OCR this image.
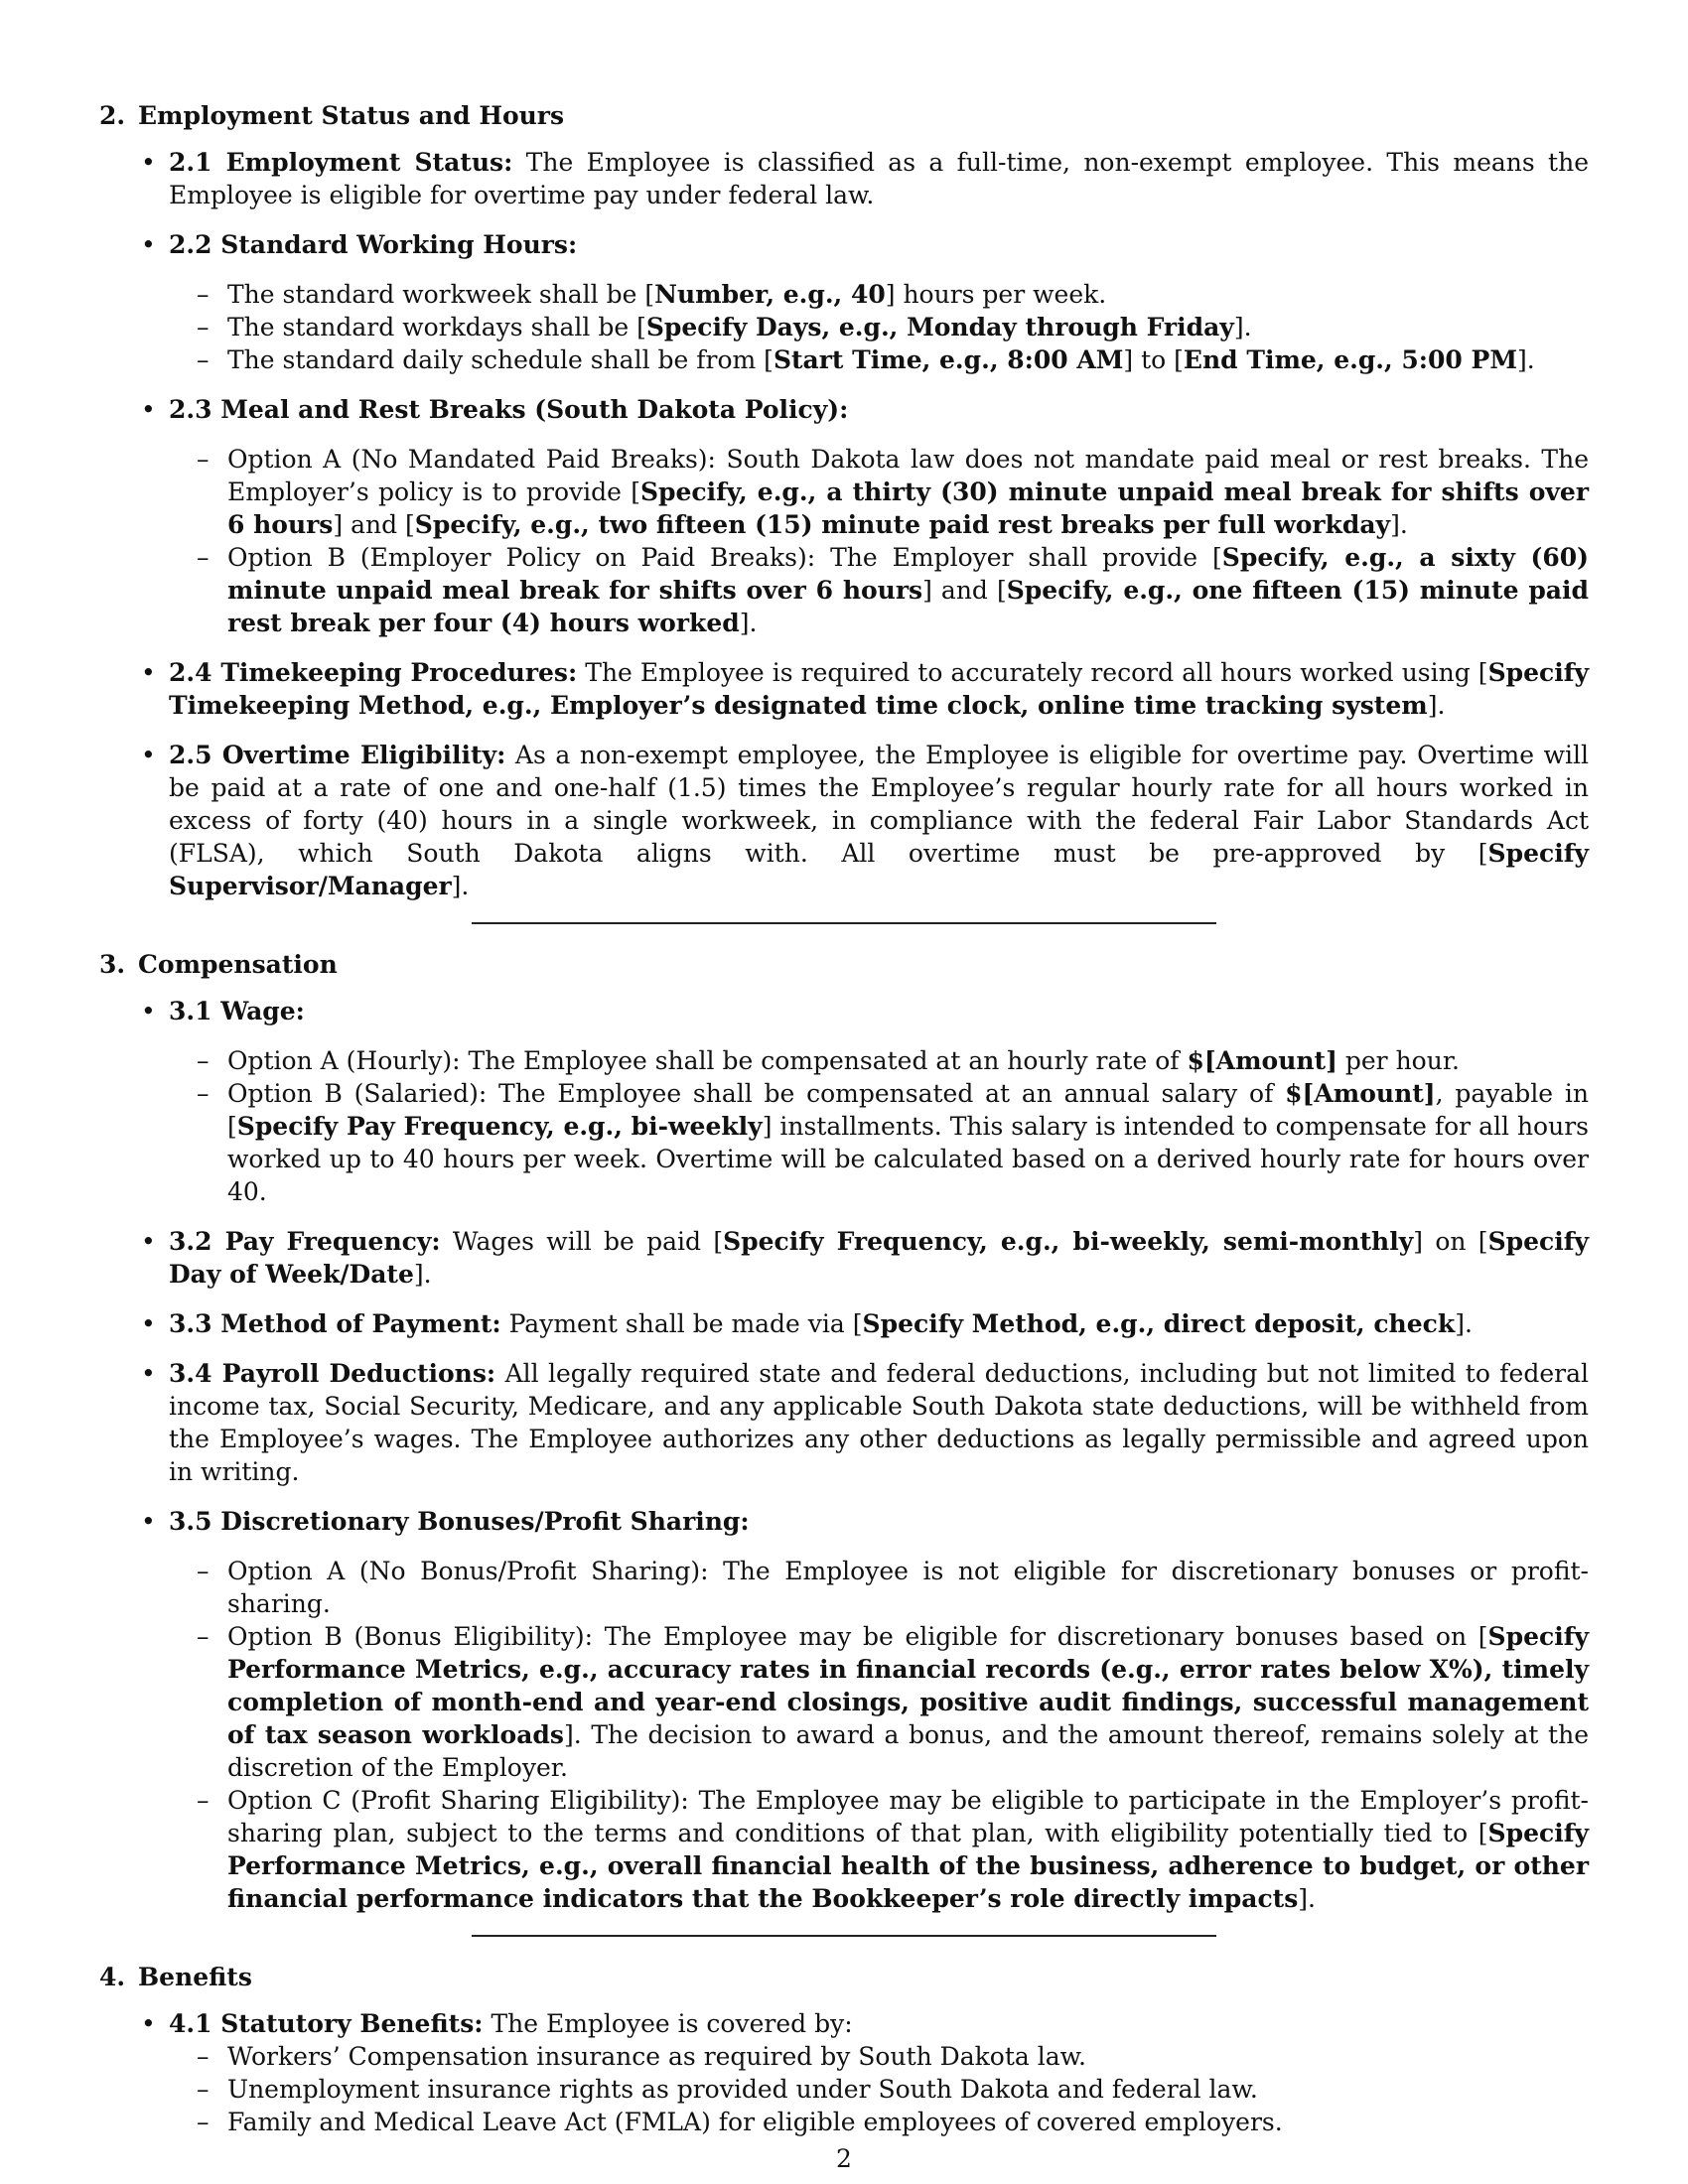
2. Employment Status and Hours
• 2.1 Employment Status: The Employee is classified as a full-time, non-exempt employee. This means the Employee is eligible for overtime pay under federal law.
• 2.2 Standard Working Hours:
– The standard workweek shall be [Number, e.g., 40] hours per week.
– The standard workdays shall be [Specify Days, e.g., Monday through Friday].
– The standard daily schedule shall be from [Start Time, e.g., 8:00 AM] to [End Time, e.g., 5:00 PM].
• 2.3 Meal and Rest Breaks (South Dakota Policy):
– Option A (No Mandated Paid Breaks): South Dakota law does not mandate paid meal or rest breaks. The Employer’s policy is to provide [Specify, e.g., a thirty (30) minute unpaid meal break for shifts over 6 hours] and [Specify, e.g., two fifteen (15) minute paid rest breaks per full workday].
– Option B (Employer Policy on Paid Breaks): The Employer shall provide [Specify, e.g., a sixty (60) minute unpaid meal break for shifts over 6 hours] and [Specify, e.g., one fifteen (15) minute paid rest break per four (4) hours worked].
• 2.4 Timekeeping Procedures: The Employee is required to accurately record all hours worked using [Specify Timekeeping Method, e.g., Employer’s designated time clock, online time tracking system].
• 2.5 Overtime Eligibility: As a non-exempt employee, the Employee is eligible for overtime pay. Overtime will be paid at a rate of one and one-half (1.5) times the Employee’s regular hourly rate for all hours worked in excess of forty (40) hours in a single workweek, in compliance with the federal Fair Labor Standards Act (FLSA), which South Dakota aligns with. All overtime must be pre-approved by [Specify Supervisor/Manager].
3. Compensation
• 3.1 Wage:
– Option A (Hourly): The Employee shall be compensated at an hourly rate of $[Amount] per hour.
– Option B (Salaried): The Employee shall be compensated at an annual salary of $[Amount], payable in [Specify Pay Frequency, e.g., bi-weekly] installments. This salary is intended to compensate for all hours worked up to 40 hours per week. Overtime will be calculated based on a derived hourly rate for hours over 40.
• 3.2 Pay Frequency: Wages will be paid [Specify Frequency, e.g., bi-weekly, semi-monthly] on [Specify Day of Week/Date].
• 3.3 Method of Payment: Payment shall be made via [Specify Method, e.g., direct deposit, check].
• 3.4 Payroll Deductions: All legally required state and federal deductions, including but not limited to federal income tax, Social Security, Medicare, and any applicable South Dakota state deductions, will be withheld from the Employee’s wages. The Employee authorizes any other deductions as legally permissible and agreed upon in writing.
• 3.5 Discretionary Bonuses/Profit Sharing:
– Option A (No Bonus/Profit Sharing): The Employee is not eligible for discretionary bonuses or profit-sharing.
– Option B (Bonus Eligibility): The Employee may be eligible for discretionary bonuses based on [Specify Performance Metrics, e.g., accuracy rates in financial records (e.g., error rates below X%), timely completion of month-end and year-end closings, positive audit findings, successful management of tax season workloads]. The decision to award a bonus, and the amount thereof, remains solely at the discretion of the Employer.
– Option C (Profit Sharing Eligibility): The Employee may be eligible to participate in the Employer’s profit-sharing plan, subject to the terms and conditions of that plan, with eligibility potentially tied to [Specify Performance Metrics, e.g., overall financial health of the business, adherence to budget, or other financial performance indicators that the Bookkeeper’s role directly impacts].
4. Benefits
• 4.1 Statutory Benefits: The Employee is covered by:
– Workers’ Compensation insurance as required by South Dakota law.
– Unemployment insurance rights as provided under South Dakota and federal law.
– Family and Medical Leave Act (FMLA) for eligible employees of covered employers.
2
